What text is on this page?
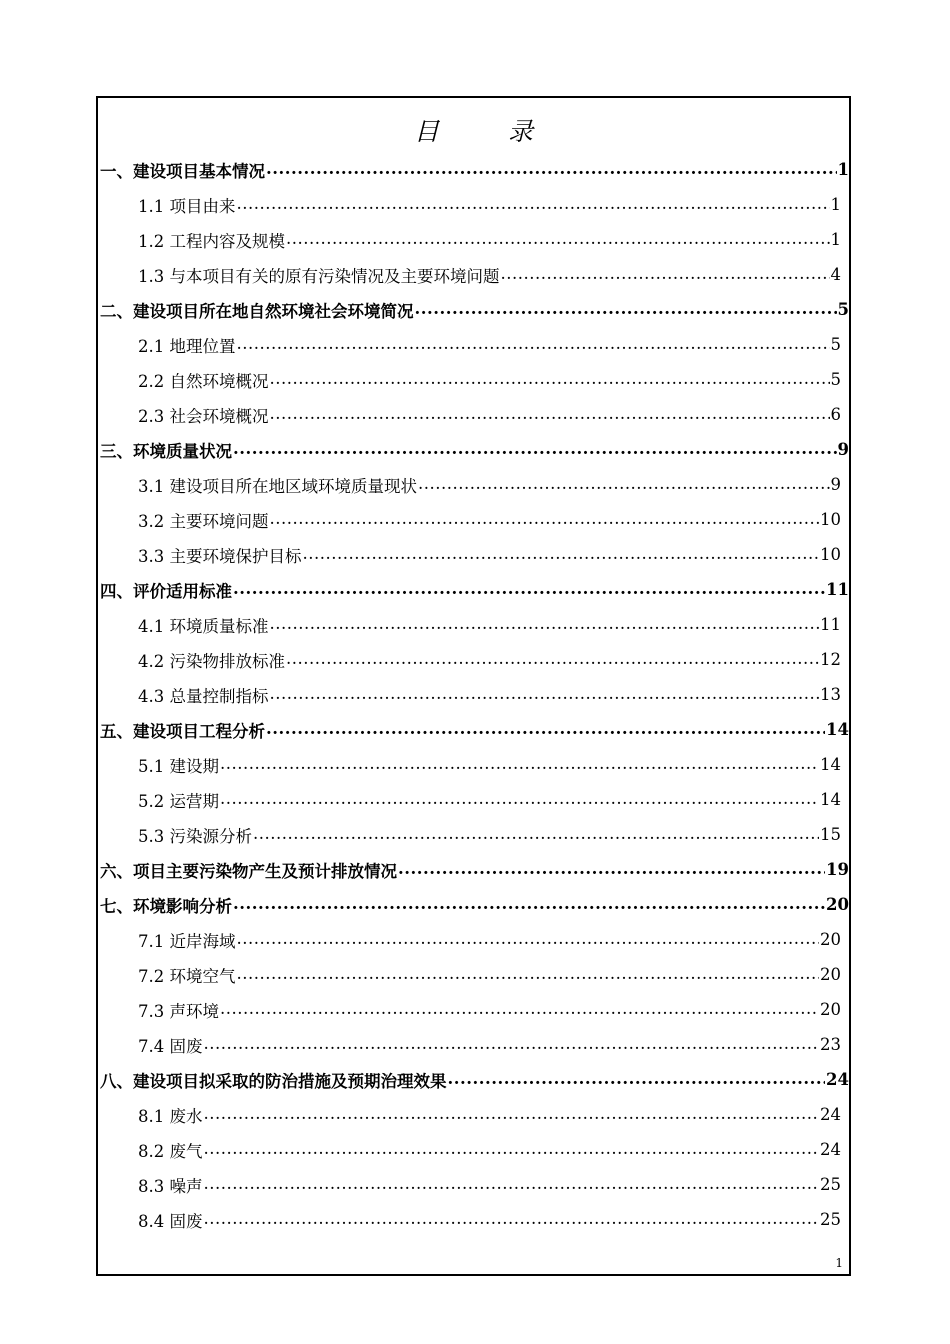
目　录
一、建设项目基本情况 .....	1
1.1 项目由来 .....	1
1.2 工程内容及规模 .....	1
1.3 与本项目有关的原有污染情况及主要环境问题 .....	4
二、建设项目所在地自然环境社会环境简况 .....	5
2.1 地理位置 .....	5
2.2 自然环境概况 .....	5
2.3 社会环境概况 .....	6
三、环境质量状况 .....	9
3.1 建设项目所在地区域环境质量现状 .....	9
3.2 主要环境问题 .....	10
3.3 主要环境保护目标 .....	10
四、评价适用标准 .....	11
4.1 环境质量标准 .....	11
4.2 污染物排放标准 .....	12
4.3 总量控制指标 .....	13
五、建设项目工程分析 .....	14
5.1 建设期 .....	14
5.2 运营期 .....	14
5.3 污染源分析 .....	15
六、项目主要污染物产生及预计排放情况 .....	19
七、环境影响分析 .....	20
7.1 近岸海域 .....	20
7.2 环境空气 .....	20
7.3 声环境 .....	20
7.4 固废 .....	23
八、建设项目拟采取的防治措施及预期治理效果 .....	24
8.1 废水 .....	24
8.2 废气 .....	24
8.3 噪声 .....	25
8.4 固废 .....	25
1
